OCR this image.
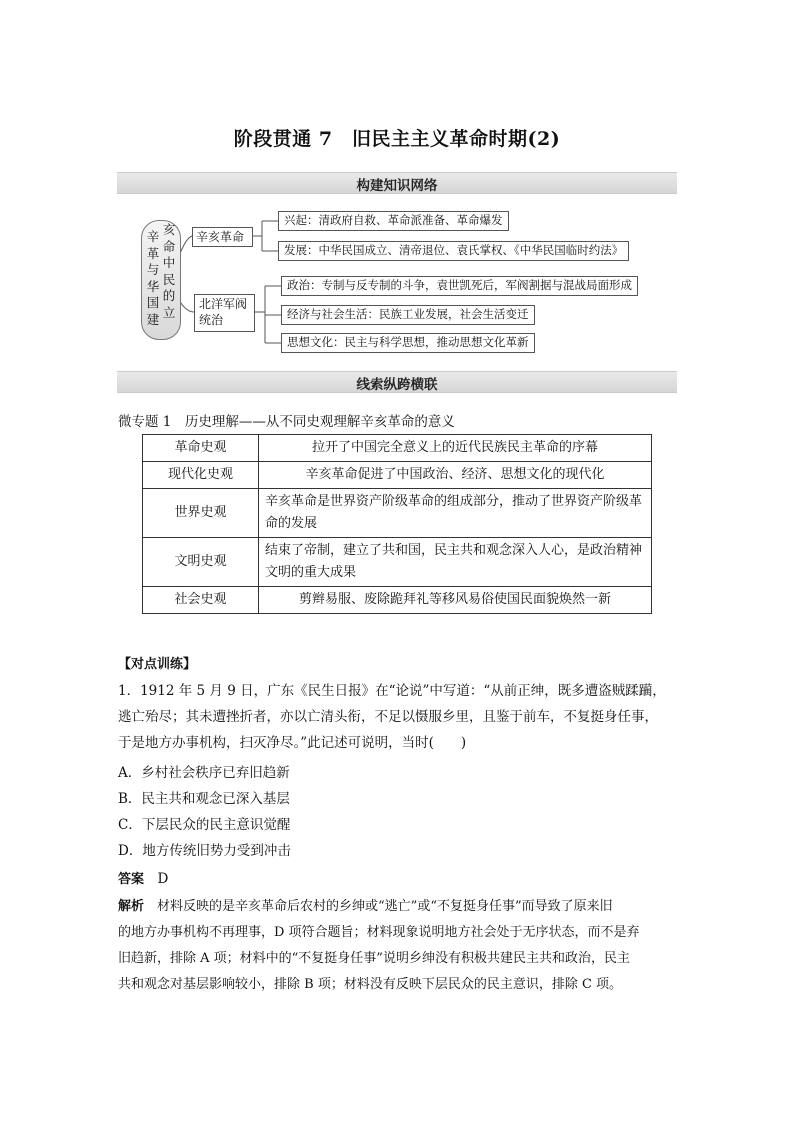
阶段贯通 7　旧民主主义革命时期(2)
构建知识网络
辛
革
与
华
国
建
亥
命
中
民
的
立
辛亥革命
北洋军阀
统治
兴起：清政府自救、革命派准备、革命爆发
发展：中华民国成立、清帝退位、袁氏掌权、《中华民国临时约法》
政治：专制与反专制的斗争，袁世凯死后，军阀割据与混战局面形成
经济与社会生活：民族工业发展，社会生活变迁
思想文化：民主与科学思想，推动思想文化革新
线索纵跨横联
微专题 1　历史理解——从不同史观理解辛亥革命的意义
革命史观	拉开了中国完全意义上的近代民族民主革命的序幕
现代化史观	辛亥革命促进了中国政治、经济、思想文化的现代化
世界史观	辛亥革命是世界资产阶级革命的组成部分，推动了世界资产阶级革命的发展
文明史观	结束了帝制，建立了共和国，民主共和观念深入人心，是政治精神文明的重大成果
社会史观	剪辫易服、废除跪拜礼等移风易俗使国民面貌焕然一新
【对点训练】
1．1912 年 5 月 9 日，广东《民生日报》在“论说”中写道：“从前正绅，既多遭盗贼蹂躏，
逃亡殆尽；其未遭挫折者，亦以亡清头衔，不足以慑服乡里，且鉴于前车，不复挺身任事，
于是地方办事机构，扫灭净尽。”此记述可说明，当时(　　)
A．乡村社会秩序已弃旧趋新
B．民主共和观念已深入基层
C．下层民众的民主意识觉醒
D．地方传统旧势力受到冲击
答案　 D
解析　 材料反映的是辛亥革命后农村的乡绅或“逃亡”或“不复挺身任事”而导致了原来旧
的地方办事机构不再理事，D 项符合题旨；材料现象说明地方社会处于无序状态，而不是弃
旧趋新，排除 A 项；材料中的“不复挺身任事”说明乡绅没有积极共建民主共和政治，民主
共和观念对基层影响较小，排除 B 项；材料没有反映下层民众的民主意识，排除 C 项。
